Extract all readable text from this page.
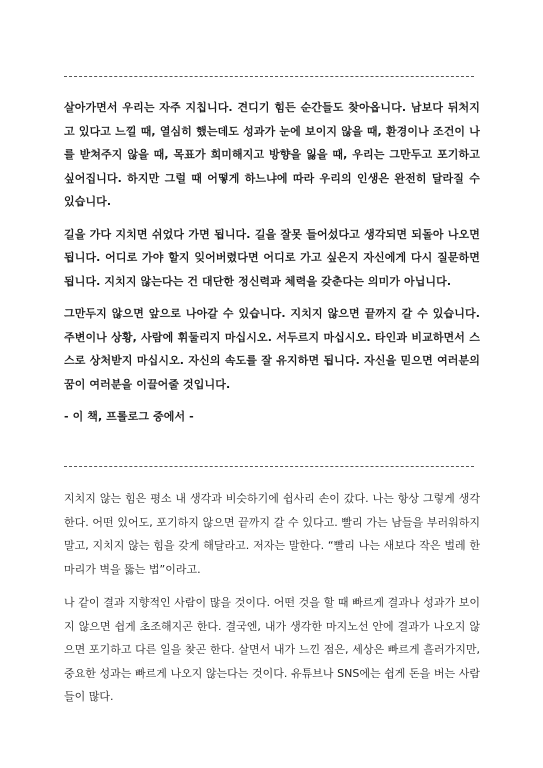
살아가면서 우리는 자주 지칩니다. 견디기 힘든 순간들도 찾아옵니다. 남보다 뒤처지고 있다고 느낄 때, 열심히 했는데도 성과가 눈에 보이지 않을 때, 환경이나 조건이 나를 받쳐주지 않을 때, 목표가 희미해지고 방향을 잃을 때, 우리는 그만두고 포기하고 싶어집니다. 하지만 그럴 때 어떻게 하느냐에 따라 우리의 인생은 완전히 달라질 수 있습니다.

길을 가다 지치면 쉬었다 가면 됩니다. 길을 잘못 들어섰다고 생각되면 되돌아 나오면 됩니다. 어디로 가야 할지 잊어버렸다면 어디로 가고 싶은지 자신에게 다시 질문하면 됩니다. 지치지 않는다는 건 대단한 정신력과 체력을 갖춘다는 의미가 아닙니다.

그만두지 않으면 앞으로 나아갈 수 있습니다. 지치지 않으면 끝까지 갈 수 있습니다. 주변이나 상황, 사람에 휘둘리지 마십시오. 서두르지 마십시오. 타인과 비교하면서 스스로 상처받지 마십시오. 자신의 속도를 잘 유지하면 됩니다. 자신을 믿으면 여러분의 꿈이 여러분을 이끌어줄 것입니다.

- 이 책, 프롤로그 중에서 -

지치지 않는 힘은 평소 내 생각과 비슷하기에 쉽사리 손이 갔다. 나는 항상 그렇게 생각한다. 어떤 있어도, 포기하지 않으면 끝까지 갈 수 있다고. 빨리 가는 남들을 부러워하지 말고, 지치지 않는 힘을 갖게 해달라고. 저자는 말한다. “빨리 나는 새보다 작은 벌레 한 마리가 벽을 뚫는 법”이라고.

나 같이 결과 지향적인 사람이 많을 것이다. 어떤 것을 할 때 빠르게 결과나 성과가 보이지 않으면 쉽게 초조해지곤 한다. 결국엔, 내가 생각한 마지노선 안에 결과가 나오지 않으면 포기하고 다른 일을 찾곤 한다. 살면서 내가 느낀 점은, 세상은 빠르게 흘러가지만, 중요한 성과는 빠르게 나오지 않는다는 것이다. 유튜브나 SNS에는 쉽게 돈을 버는 사람들이 많다.
